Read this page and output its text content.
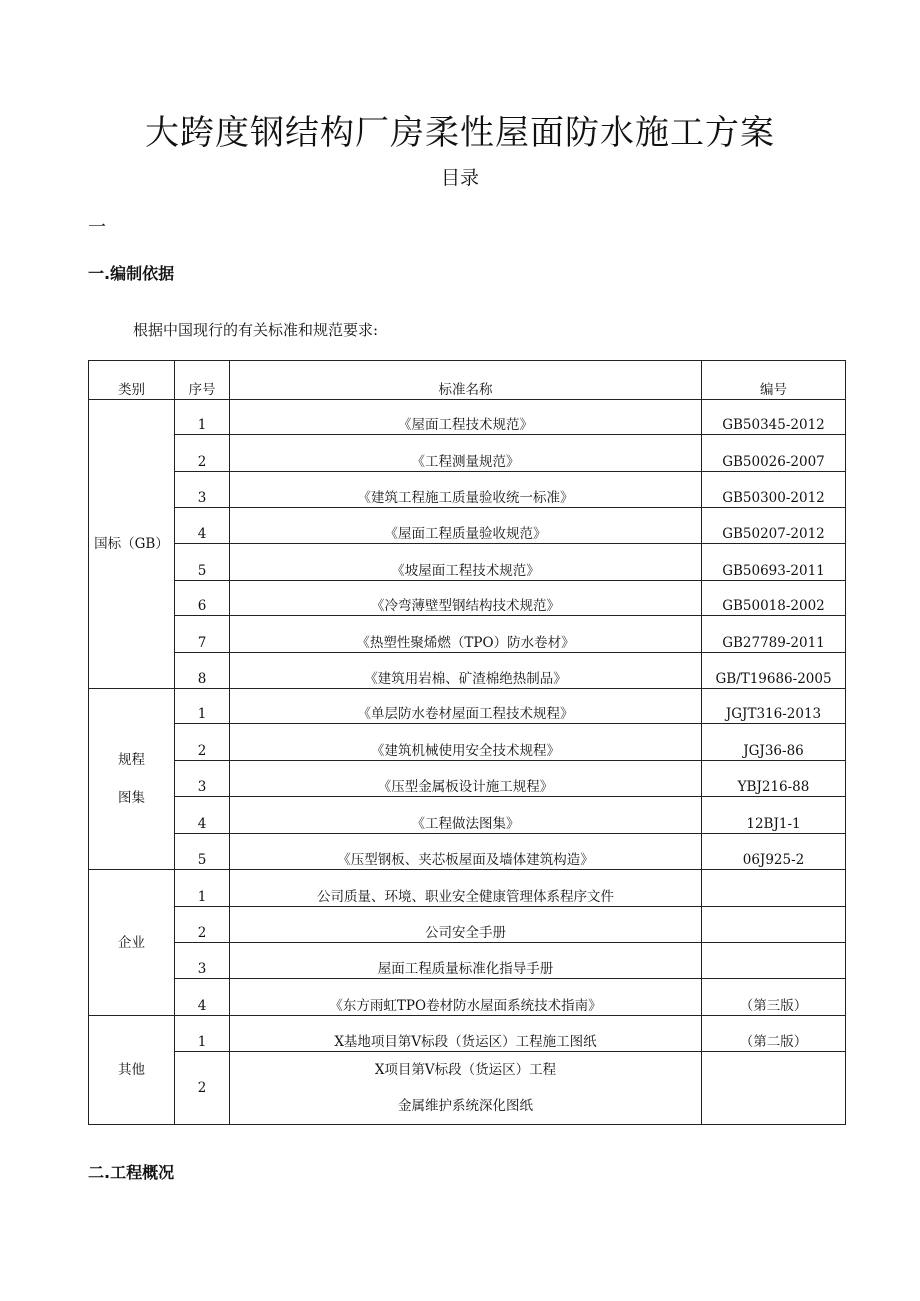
大跨度钢结构厂房柔性屋面防水施工方案
目录
一
一.编制依据
根据中国现行的有关标准和规范要求:
类别	序号	标准名称	编号
国标（GB）	1	《屋面工程技术规范》	GB50345-2012
	2	《工程测量规范》	GB50026-2007
	3	《建筑工程施工质量验收统一标准》	GB50300-2012
	4	《屋面工程质量验收规范》	GB50207-2012
	5	《坡屋面工程技术规范》	GB50693-2011
	6	《冷弯薄壁型钢结构技术规范》	GB50018-2002
	7	《热塑性聚烯燃（TPO）防水卷材》	GB27789-2011
	8	《建筑用岩棉、矿渣棉绝热制品》	GB/T19686-2005

规程
图集	1	《单层防水卷材屋面工程技术规程》	JGJT316-2013
	2	《建筑机械使用安全技术规程》	JGJ36-86
	3	《压型金属板设计施工规程》	YBJ216-88
	4	《工程做法图集》	12BJ1-1
	5	《压型钢板、夹芯板屋面及墙体建筑构造》	06J925-2
企业	1	公司质量、环境、职业安全健康管理体系程序文件	
	2	公司安全手册	
	3	屋面工程质量标准化指导手册	
	4	《东方雨虹TPO卷材防水屋面系统技术指南》	（第三版）
其他	1	X基地项目第V标段（货运区）工程施工图纸	（第二版）
	2	X项目第V标段（货运区）工程
金属维护系统深化图纸	

二.工程概况
